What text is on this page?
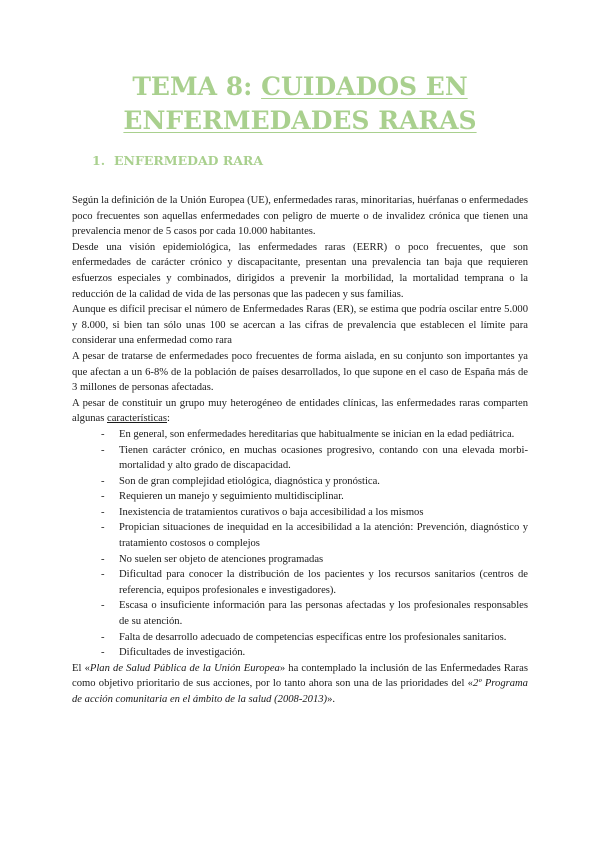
TEMA 8: CUIDADOS EN ENFERMEDADES RARAS
1. ENFERMEDAD RARA

Según la definición de la Unión Europea (UE), enfermedades raras, minoritarias, huérfanas o enfermedades poco frecuentes son aquellas enfermedades con peligro de muerte o de invalidez crónica que tienen una prevalencia menor de 5 casos por cada 10.000 habitantes.

Desde una visión epidemiológica, las enfermedades raras (EERR) o poco frecuentes, que son enfermedades de carácter crónico y discapacitante, presentan una prevalencia tan baja que requieren esfuerzos especiales y combinados, dirigidos a prevenir la morbilidad, la mortalidad temprana o la reducción de la calidad de vida de las personas que las padecen y sus familias.

Aunque es difícil precisar el número de Enfermedades Raras (ER), se estima que podría oscilar entre 5.000 y 8.000, si bien tan sólo unas 100 se acercan a las cifras de prevalencia que establecen el límite para considerar una enfermedad como rara

A pesar de tratarse de enfermedades poco frecuentes de forma aislada, en su conjunto son importantes ya que afectan a un 6-8% de la población de países desarrollados, lo que supone en el caso de España más de 3 millones de personas afectadas.

A pesar de constituir un grupo muy heterogéneo de entidades clínicas, las enfermedades raras comparten algunas características:

- En general, son enfermedades hereditarias que habitualmente se inician en la edad pediátrica.
- Tienen carácter crónico, en muchas ocasiones progresivo, contando con una elevada morbi-mortalidad y alto grado de discapacidad.
- Son de gran complejidad etiológica, diagnóstica y pronóstica.
- Requieren un manejo y seguimiento multidisciplinar.
- Inexistencia de tratamientos curativos o baja accesibilidad a los mismos
- Propician situaciones de inequidad en la accesibilidad a la atención: Prevención, diagnóstico y tratamiento costosos o complejos
- No suelen ser objeto de atenciones programadas
- Dificultad para conocer la distribución de los pacientes y los recursos sanitarios (centros de referencia, equipos profesionales e investigadores).
- Escasa o insuficiente información para las personas afectadas y los profesionales responsables de su atención.
- Falta de desarrollo adecuado de competencias específicas entre los profesionales sanitarios.
- Dificultades de investigación.

El «Plan de Salud Pública de la Unión Europea» ha contemplado la inclusión de las Enfermedades Raras como objetivo prioritario de sus acciones, por lo tanto ahora son una de las prioridades del «2º Programa de acción comunitaria en el ámbito de la salud (2008-2013)».
